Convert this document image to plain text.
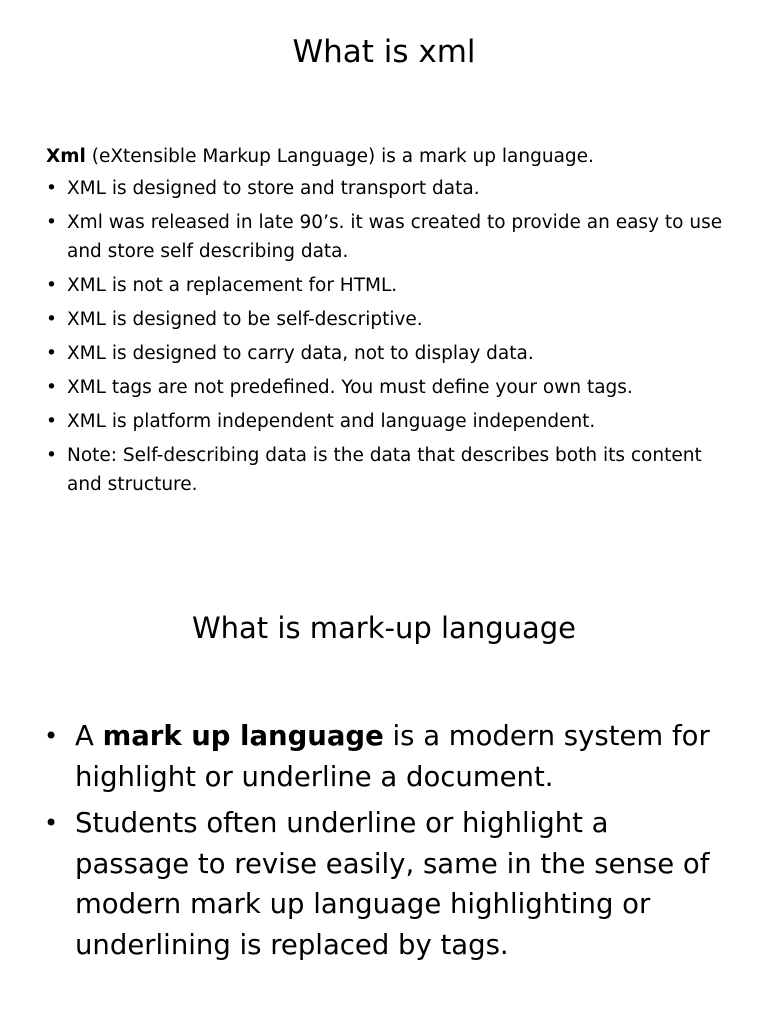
What is xml

Xml (eXtensible Markup Language) is a mark up language.

• XML is designed to store and transport data.
• Xml was released in late 90’s. it was created to provide an easy to use and store self describing data.
• XML is not a replacement for HTML.
• XML is designed to be self-descriptive.
• XML is designed to carry data, not to display data.
• XML tags are not predefined. You must define your own tags.
• XML is platform independent and language independent.
• Note: Self-describing data is the data that describes both its content and structure.
What is mark-up language
• A mark up language is a modern system for highlight or underline a document.
• Students often underline or highlight a passage to revise easily, same in the sense of modern mark up language highlighting or underlining is replaced by tags.
